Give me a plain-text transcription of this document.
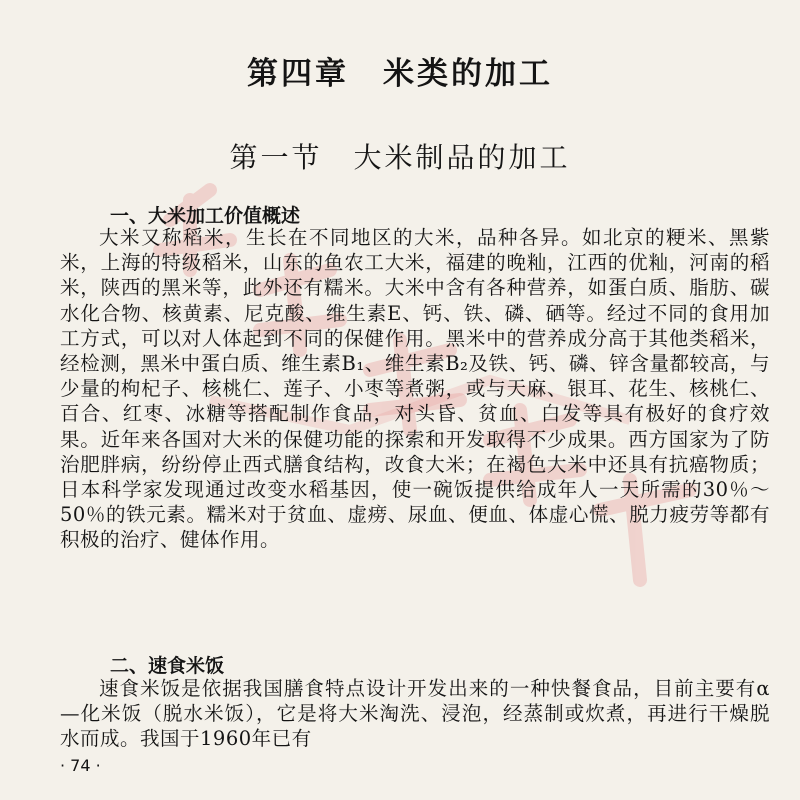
第四章　米类的加工
第一节　大米制品的加工
一、大米加工价值概述
大米又称稻米，生长在不同地区的大米，品种各异。如北京的粳米、黑紫米，上海的特级稻米，山东的鱼农工大米，福建的晚籼，江西的优籼，河南的稻米，陕西的黑米等，此外还有糯米。大米中含有各种营养，如蛋白质、脂肪、碳水化合物、核黄素、尼克酸、维生素E、钙、铁、磷、硒等。经过不同的食用加工方式，可以对人体起到不同的保健作用。黑米中的营养成分高于其他类稻米，经检测，黑米中蛋白质、维生素B₁、维生素B₂及铁、钙、磷、锌含量都较高，与少量的枸杞子、核桃仁、莲子、小枣等煮粥，或与天麻、银耳、花生、核桃仁、百合、红枣、冰糖等搭配制作食品，对头昏、贫血、白发等具有极好的食疗效果。近年来各国对大米的保健功能的探索和开发取得不少成果。西方国家为了防治肥胖病，纷纷停止西式膳食结构，改食大米；在褐色大米中还具有抗癌物质；日本科学家发现通过改变水稻基因，使一碗饭提供给成年人一天所需的30％～50％的铁元素。糯米对于贫血、虚痨、尿血、便血、体虚心慌、脱力疲劳等都有积极的治疗、健体作用。
二、速食米饭
速食米饭是依据我国膳食特点设计开发出来的一种快餐食品，目前主要有α—化米饭（脱水米饭），它是将大米淘洗、浸泡，经蒸制或炊煮，再进行干燥脱水而成。我国于1960年已有
· 74 ·
